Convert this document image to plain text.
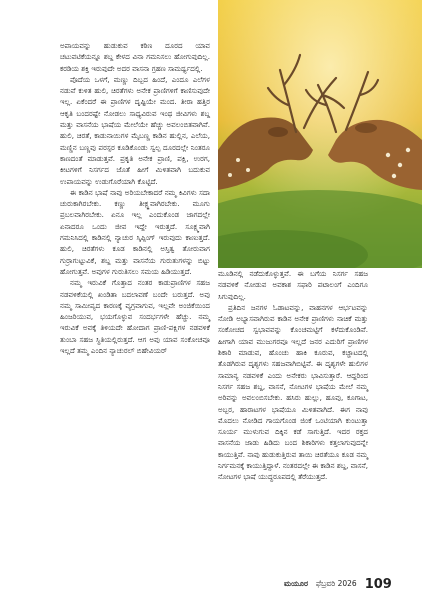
ಅಪಾಯವನ್ನು ಹುಡುಕುವ ಕಠಿಣ ದೂರದ ಯಾವ ಚಟುವಟಿಕೆಯನ್ನೂ ಶಬ್ದ ಕೇಳದ ವಿನಾ ಗಮನಿಸಲು ಹೋಗುವುದಿಲ್ಲ. ಕರಡಿಯ ಶಕ್ತಿ ಇರುವುದೇ ಅದರ ವಾಸನಾ ಗ್ರಹಣ ಸಾಮರ್ಥ್ಯದಲ್ಲಿ.

ಪೊದೆಯ ಒಳಗೆ, ಮಣ್ಣು ದಿಬ್ಬದ ಹಿಂದೆ, ಎಂದೂ ಎಲೆಗಳ ನಡುವೆ ಕುಳಿತ ಹುಲಿ, ಚಿರತೆಗಳು ಅನೇಕ ಪ್ರಾಣಿಗಳಿಗೆ ಕಾಣಿಸುವುದೇ ಇಲ್ಲ. ಏಕೆಂದರೆ ಈ ಪ್ರಾಣಿಗಳ ದೃಷ್ಟಿಯೇ ಮಂದ. ತೀರಾ ಹತ್ತಿರ ಆಕೃತಿ ಬಂದರಷ್ಟೇ ನೋಡಲು ಸಾಧ್ಯವಿರುವ ಇಂಥ ಜೀವಿಗಳು ಶಬ್ದ ಮತ್ತು ವಾಸನೆಯ ಭಾಷೆಯ ಮೇಲೆಯೇ ಹೆಚ್ಚು ಅವಲಂಬಿತವಾಗಿವೆ. ಹುಲಿ, ಚಿರತೆ, ಕಾಡುನಾಯಿಗಳ ಮೈಬಣ್ಣ ಕಾಡಿನ ಹುಲ್ಲಿನ, ಎಲೆಯ, ಮಣ್ಣಿನ ಬಣ್ಣವು ಪರಸ್ಪರ ಕೂಡಿಕೊಂಡು ಸ್ವಲ್ಪ ದೂರದಲ್ಲೇ ನಿಂತರೂ ಕಾಣದಂತೆ ಮಾಡುತ್ತವೆ. ಪ್ರಕೃತಿ ಅನೇಕ ಪ್ರಾಣಿ, ಪಕ್ಷಿ, ಉರಗ, ಕೀಟಗಳಿಗೆ ನಿಸರ್ಗದ ಜೊತೆ ಹೀಗೆ ಮಿಳಿತವಾಗಿ ಬದುಕುವ ಉಪಾಯವನ್ನು ಉಡುಗೊರೆಯಾಗಿ ಕೊಟ್ಟಿದೆ.

ಈ ಕಾಡಿನ ಭಾಷೆ ನಾವು ಅರಿಯಬೇಕಾದರೆ ನಮ್ಮ ಕಿವಿಗಳು ಸದಾ ಚುರುಕಾಗಿರಬೇಕು. ಕಣ್ಣು ತೀಕ್ಷ್ಣವಾಗಿರಬೇಕು. ಮೂಗು ಪ್ರಬಲವಾಗಿರಬೇಕು. ಏನೂ ಇಲ್ಲ ಎಂದುಕೊಂಡ ಜಾಗದಲ್ಲೇ ಏನಾದರೂ ಒಂದು ಜೀವ ಇದ್ದೇ ಇರುತ್ತದೆ. ಸೂಕ್ಷ್ಮವಾಗಿ ಗಮನಿಸಿದಲ್ಲಿ ಕಾಡಿನಲ್ಲಿ ನ್ಯಾಚುರ ಸ್ಕಿಪ್ಪಿಂಗ್ ಇರುವುದು ಕಾಣುತ್ತದೆ. ಹುಲಿ, ಚಿರತೆಗಳು ಕೂಡ ಕಾಡಿನಲ್ಲಿ ಅಸ್ತಿತ್ವ ತೋರುವಾಗ ಗುರ್ರಾಗುಟ್ಟುವಿಕೆ, ಶಬ್ದ ಮತ್ತು ವಾಸನೆಯ ಗುರುತುಗಳನ್ನು ಬಿಟ್ಟು ಹೋಗುತ್ತವೆ. ಅವುಗಳ ಗುರುತಿಸಲು ಸಮಯ ಹಿಡಿಯುತ್ತದೆ.

ನಮ್ಮ ಇರುವಿಕೆ ಗೊತ್ತಾದ ನಂತರ ಕಾಡುಪ್ರಾಣಿಗಳ ಸಹಜ ನಡವಳಿಕೆಯಲ್ಲಿ ಖಂಡಿತಾ ಬದಲಾವಣೆ ಬಂದೇ ಬರುತ್ತದೆ. ಅವು ನಮ್ಮ ಸಾಮೀಪ್ಯದ ಕಾರಣಕ್ಕೆ ವ್ಯಗ್ರವಾಗುವ, ಇಲ್ಲವೇ ಅಂಜಿಕೆಯಿಂದ ಹಿಂಜರಿಯುವ, ಭಯಗೊಳ್ಳುವ ಸಂದರ್ಭಗಳೇ ಹೆಚ್ಚು. ನಮ್ಮ ಇರುವಿಕೆ ಅವಕ್ಕೆ ತಿಳಿಯದೇ ಹೋದಾಗ ಪ್ರಾಣಿ-ಪಕ್ಷಿಗಳ ನಡವಳಿಕೆ ತುಂಬಾ ಸಹಜ ಸ್ಥಿತಿಯಲ್ಲಿರುತ್ತದೆ. ಆಗ ಅವು ಯಾವ ಸಂಕೋಚವೂ ಇಲ್ಲದೆ ತಮ್ಮ ಎಂದಿನ ನ್ಯಾಚುರಲ್ ಬಿಹೇವಿಯರ್

ಮೂಡಿನಲ್ಲಿ ನಡೆದುಕೊಳ್ಳುತ್ತವೆ. ಈ ಬಗೆಯ ನಿಸರ್ಗ ಸಹಜ ನಡವಳಿಕೆ ನೋಡುವ ಅವಕಾಶ ಸಫಾರಿ ಪಟಾಲಂಗೆ ಎಂದಿಗೂ ಸಿಗುವುದಿಲ್ಲ.

ಪ್ರತಿದಿನ ಜನಗಳ ಓಡಾಟವನ್ನು, ವಾಹನಗಳ ಆರ್ಭಟವನ್ನು ನೋಡಿ ಅಭ್ಯಾಸವಾಗಿರುವ ಕಾಡಿನ ಅನೇಕ ಪ್ರಾಣಿಗಳು ನಾಚಿಕೆ ಮತ್ತು ಸಂಕೋಚದ ಸ್ವಭಾವವನ್ನು ಕೊಂಚಮಟ್ಟಿಗೆ ಕಳೆದುಕೊಂಡಿವೆ. ಹೀಗಾಗಿ ಯಾವ ಮುಜುಗರವೂ ಇಲ್ಲದೆ ಜನರ ಎದುರಿಗೆ ಪ್ರಾಣಿಗಳ ಶಿಕಾರಿ ಮಾಡುವ, ಹೊಂಚು ಹಾಕಿ ಕೂರುವ, ಕಚ್ಚಾಟದಲ್ಲಿ ತೊಡಗಿರುವ ದೃಶ್ಯಗಳು ಸಹಜವಾಗಿಬಿಟ್ಟಿವೆ. ಈ ದೃಶ್ಯಗಳೇ ಹುಲಿಗಳ ಸಾಮಾನ್ಯ ನಡವಳಿಕೆ ಎಂದು ಅನೇಕರು ಭಾವಿಸುತ್ತಾರೆ. ಆದ್ದರಿಂದ ನಿಸರ್ಗ ಸಹಜ ಶಬ್ದ, ವಾಸನೆ, ನೋಟಗಳ ಭಾಷೆಯ ಮೇಲೆ ನಮ್ಮ ಅರಿವನ್ನು ಅವಲಂಬಿಸಬೇಕು. ಹಸಿರು ಹುಲ್ಲು, ಹೂವು, ಕೂಗಾಟ, ಅಬ್ಬರ, ಹಾರಾಟಗಳ ಭಾಷೆಯೂ ಮಿಳಿತವಾಗಿದೆ. ಈಗ ನಾವು ಮೊದಲು ನೋಡಿದ ಗಾಯಗೊಂಡ ಜಿಂಕೆ ಒಂಟಿಯಾಗಿ ಕುಂಟುತ್ತಾ ಸೂರ್ಯ ಮುಳುಗುವ ದಿಕ್ಕಿನ ಕಡೆ ಸಾಗುತ್ತಿದೆ. ಇದರ ರಕ್ತದ ವಾಸನೆಯ ಜಾಡು ಹಿಡಿದು ಬಂದ ಶಿಕಾರಿಗಳು ಕತ್ತಲಾಗುವುದನ್ನೇ ಕಾಯುತ್ತಿವೆ. ನಾವು ಹುಡುಕುತ್ತಿರುವ ತಾಯಿ ಚಿರತೆಯೂ ಕೂಡ ನಮ್ಮ ನಿರ್ಗಮನಕ್ಕೆ ಕಾಯುತ್ತಿದ್ದಾಳೆ. ನಂತರದಲ್ಲೇ ಈ ಕಾಡಿನ ಶಬ್ದ, ವಾಸನೆ, ನೋಟಗಳ ಭಾಷೆ ಯುದ್ಧರೂಪದಲ್ಲಿ ತೆರೆಯುತ್ತದೆ.

ಮಯೂರ ಫೆಬ್ರವರಿ 2026 109
